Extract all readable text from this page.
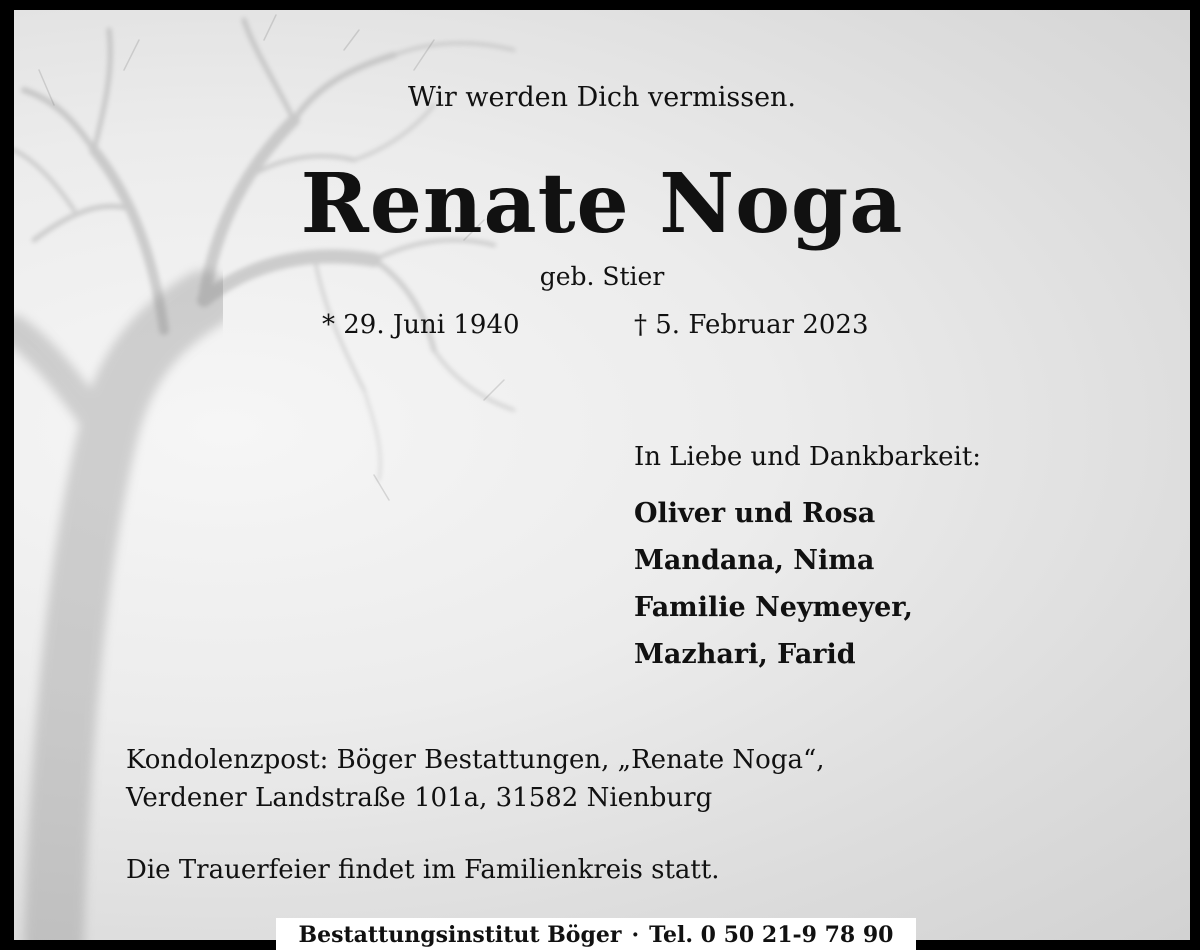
Wir werden Dich vermissen.
Renate Noga
geb. Stier
* 29. Juni 1940	† 5. Februar 2023
In Liebe und Dankbarkeit:
Oliver und Rosa
Mandana, Nima
Familie Neymeyer,
Mazhari, Farid
Kondolenzpost: Böger Bestattungen, „Renate Noga“,
Verdener Landstraße 101a, 31582 Nienburg
Die Trauerfeier findet im Familienkreis statt.
Bestattungsinstitut Böger · Tel. 0 50 21-9 78 90
